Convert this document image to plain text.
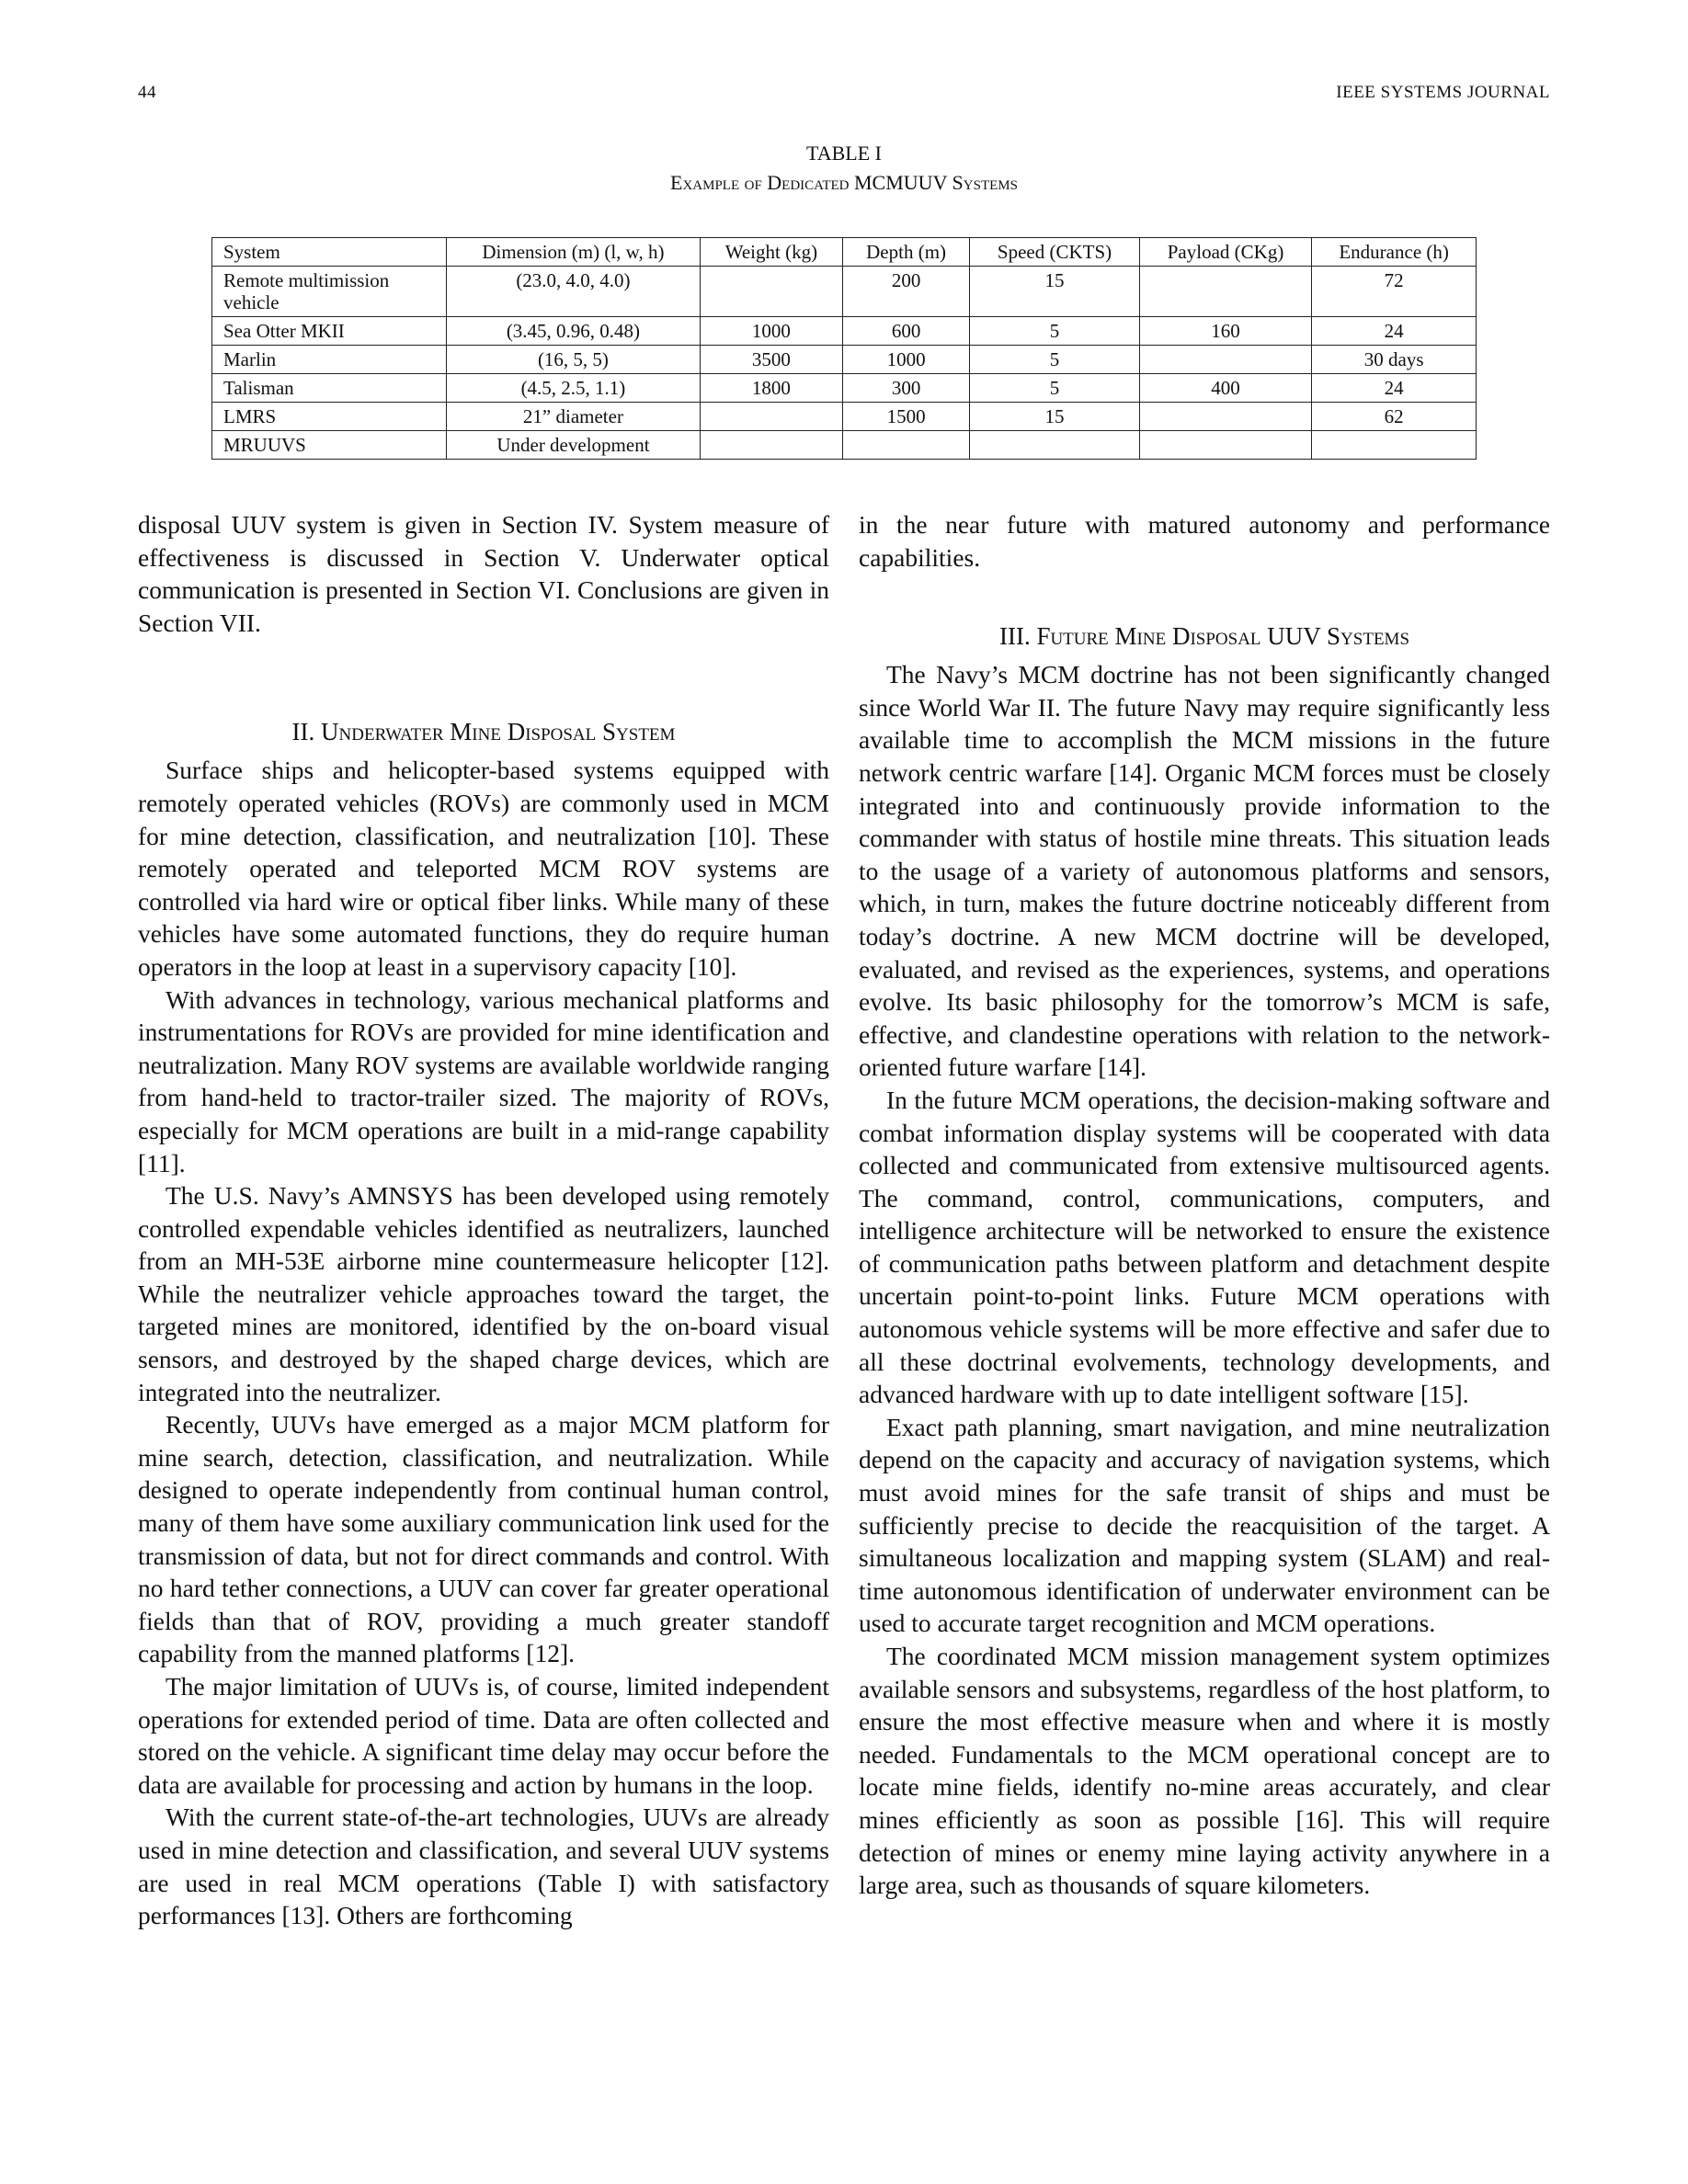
44	IEEE SYSTEMS JOURNAL
TABLE I
Example of Dedicated MCMUUV Systems
System	Dimension (m) (l, w, h)	Weight (kg)	Depth (m)	Speed (CKTS)	Payload (CKg)	Endurance (h)
Remote multimission vehicle	(23.0, 4.0, 4.0)		200	15		72
Sea Otter MKII	(3.45, 0.96, 0.48)	1000	600	5	160	24
Marlin	(16, 5, 5)	3500	1000	5		30 days
Talisman	(4.5, 2.5, 1.1)	1800	300	5	400	24
LMRS	21” diameter		1500	15		62
MRUUVS	Under development					

disposal UUV system is given in Section IV. System measure of effectiveness is discussed in Section V. Underwater optical communication is presented in Section VI. Conclusions are given in Section VII.

II. Underwater Mine Disposal System

Surface ships and helicopter-based systems equipped with remotely operated vehicles (ROVs) are commonly used in MCM for mine detection, classification, and neutralization [10]. These remotely operated and teleported MCM ROV systems are controlled via hard wire or optical fiber links. While many of these vehicles have some automated functions, they do require human operators in the loop at least in a supervisory capacity [10].

With advances in technology, various mechanical platforms and instrumentations for ROVs are provided for mine identification and neutralization. Many ROV systems are available worldwide ranging from hand-held to tractor-trailer sized. The majority of ROVs, especially for MCM operations are built in a mid-range capability [11].

The U.S. Navy’s AMNSYS has been developed using remotely controlled expendable vehicles identified as neutralizers, launched from an MH-53E airborne mine countermeasure helicopter [12]. While the neutralizer vehicle approaches toward the target, the targeted mines are monitored, identified by the on-board visual sensors, and destroyed by the shaped charge devices, which are integrated into the neutralizer.

Recently, UUVs have emerged as a major MCM platform for mine search, detection, classification, and neutralization. While designed to operate independently from continual human control, many of them have some auxiliary communication link used for the transmission of data, but not for direct commands and control. With no hard tether connections, a UUV can cover far greater operational fields than that of ROV, providing a much greater standoff capability from the manned platforms [12].

The major limitation of UUVs is, of course, limited independent operations for extended period of time. Data are often collected and stored on the vehicle. A significant time delay may occur before the data are available for processing and action by humans in the loop.

With the current state-of-the-art technologies, UUVs are already used in mine detection and classification, and several UUV systems are used in real MCM operations (Table I) with satisfactory performances [13]. Others are forthcoming

in the near future with matured autonomy and performance capabilities.

III. Future Mine Disposal UUV Systems

The Navy’s MCM doctrine has not been significantly changed since World War II. The future Navy may require significantly less available time to accomplish the MCM missions in the future network centric warfare [14]. Organic MCM forces must be closely integrated into and continuously provide information to the commander with status of hostile mine threats. This situation leads to the usage of a variety of autonomous platforms and sensors, which, in turn, makes the future doctrine noticeably different from today’s doctrine. A new MCM doctrine will be developed, evaluated, and revised as the experiences, systems, and operations evolve. Its basic philosophy for the tomorrow’s MCM is safe, effective, and clandestine operations with relation to the network-oriented future warfare [14].

In the future MCM operations, the decision-making software and combat information display systems will be cooperated with data collected and communicated from extensive multisourced agents. The command, control, communications, computers, and intelligence architecture will be networked to ensure the existence of communication paths between platform and detachment despite uncertain point-to-point links. Future MCM operations with autonomous vehicle systems will be more effective and safer due to all these doctrinal evolvements, technology developments, and advanced hardware with up to date intelligent software [15].

Exact path planning, smart navigation, and mine neutralization depend on the capacity and accuracy of navigation systems, which must avoid mines for the safe transit of ships and must be sufficiently precise to decide the reacquisition of the target. A simultaneous localization and mapping system (SLAM) and real-time autonomous identification of underwater environment can be used to accurate target recognition and MCM operations.

The coordinated MCM mission management system optimizes available sensors and subsystems, regardless of the host platform, to ensure the most effective measure when and where it is mostly needed. Fundamentals to the MCM operational concept are to locate mine fields, identify no-mine areas accurately, and clear mines efficiently as soon as possible [16]. This will require detection of mines or enemy mine laying activity anywhere in a large area, such as thousands of square kilometers.
